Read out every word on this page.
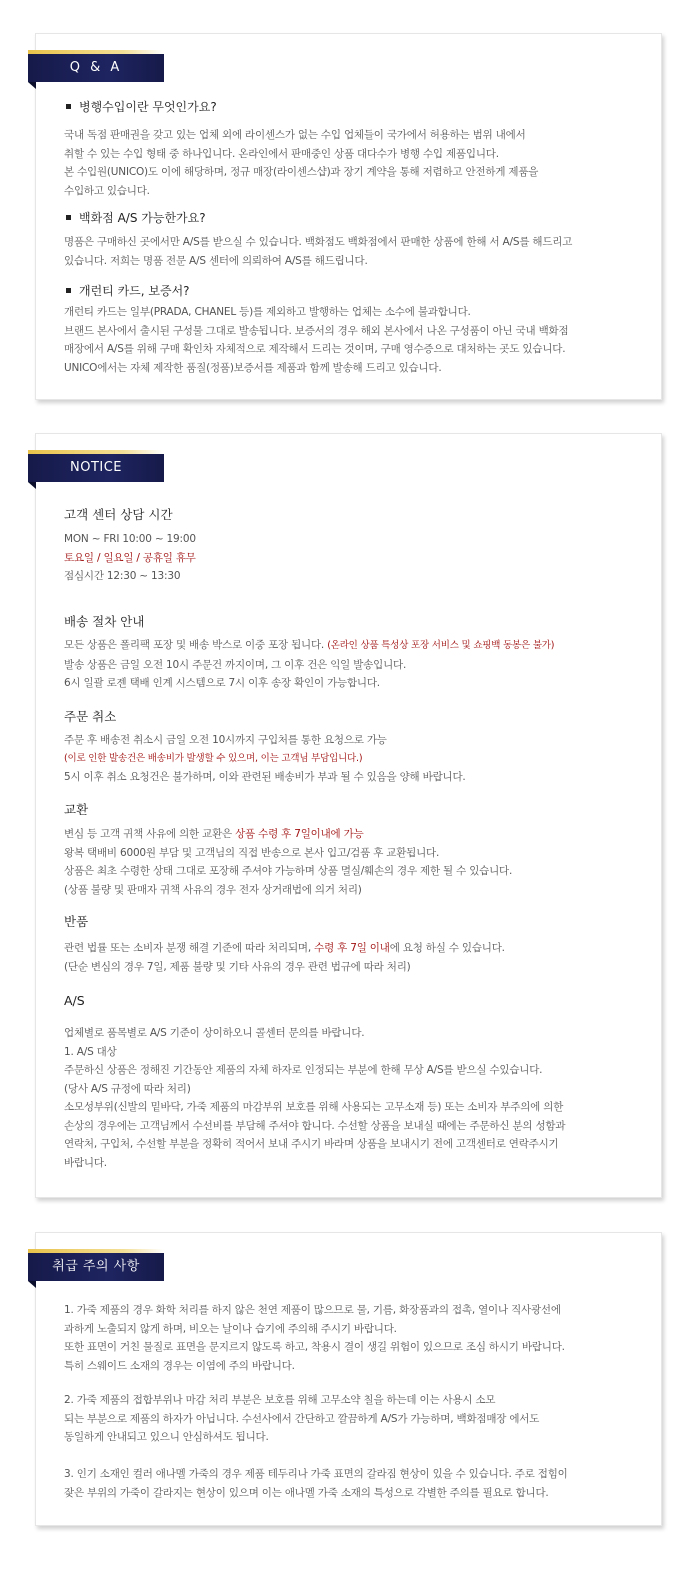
Q & A

병행수입이란 무엇인가요?

국내 독점 판매권을 갖고 있는 업체 외에 라이센스가 없는 수입 업체들이 국가에서 허용하는 범위 내에서
취할 수 있는 수입 형태 중 하나입니다. 온라인에서 판매중인 상품 대다수가 병행 수입 제품입니다.
본 수입원(UNICO)도 이에 해당하며, 정규 매장(라이센스샵)과 장기 계약을 통해 저렴하고 안전하게 제품을
수입하고 있습니다.

백화점 A/S 가능한가요?

명품은 구매하신 곳에서만 A/S를 받으실 수 있습니다. 백화점도 백화점에서 판매한 상품에 한해 서 A/S를 해드리고
있습니다. 저희는 명품 전문 A/S 센터에 의뢰하여 A/S를 해드립니다.

개런티 카드, 보증서?

개런티 카드는 일부(PRADA, CHANEL 등)를 제외하고 발행하는 업체는 소수에 불과합니다.
브랜드 본사에서 출시된 구성물 그대로 발송됩니다. 보증서의 경우 해외 본사에서 나온 구성품이 아닌 국내 백화점
매장에서 A/S를 위해 구매 확인차 자체적으로 제작해서 드리는 것이며, 구매 영수증으로 대처하는 곳도 있습니다.
UNICO에서는 자체 제작한 품질(정품)보증서를 제품과 함께 발송해 드리고 있습니다.
NOTICE

고객 센터 상담 시간

MON ~ FRI 10:00 ~ 19:00
토요일 / 일요일 / 공휴일 휴무
점심시간 12:30 ~ 13:30

배송 절차 안내

모든 상품은 폴리팩 포장 및 배송 박스로 이중 포장 됩니다. (온라인 상품 특성상 포장 서비스 및 쇼핑백 동봉은 불가)
발송 상품은 금일 오전 10시 주문건 까지이며, 그 이후 건은 익일 발송입니다.
6시 일괄 로젠 택배 인계 시스템으로 7시 이후 송장 확인이 가능합니다.

주문 취소

주문 후 배송전 취소시 금일 오전 10시까지 구입처를 통한 요청으로 가능
(이로 인한 발송건은 배송비가 발생할 수 있으며, 이는 고객님 부담입니다.)
5시 이후 취소 요청건은 불가하며, 이와 관련된 배송비가 부과 될 수 있음을 양해 바랍니다.

교환

변심 등 고객 귀책 사유에 의한 교환은 상품 수령 후 7일이내에 가능
왕복 택배비 6000원 부담 및 고객님의 직접 반송으로 본사 입고/검품 후 교환됩니다.
상품은 최초 수령한 상태 그대로 포장해 주셔야 가능하며 상품 멸실/훼손의 경우 제한 될 수 있습니다.
(상품 불량 및 판매자 귀책 사유의 경우 전자 상거래법에 의거 처리)

반품

관련 법률 또는 소비자 분쟁 해결 기준에 따라 처리되며, 수령 후 7일 이내에 요청 하실 수 있습니다.
(단순 변심의 경우 7일, 제품 불량 및 기타 사유의 경우 관련 법규에 따라 처리)

A/S

업체별로 품목별로 A/S 기준이 상이하오니 콜센터 문의를 바랍니다.
1. A/S 대상
주문하신 상품은 정해진 기간동안 제품의 자체 하자로 인정되는 부분에 한해 무상 A/S를 받으실 수있습니다.
(당사 A/S 규정에 따라 처리)
소모성부위(신발의 밑바닥, 가죽 제품의 마감부위 보호를 위해 사용되는 고무소재 등) 또는 소비자 부주의에 의한
손상의 경우에는 고객님께서 수선비를 부담해 주셔야 합니다. 수선할 상품을 보내실 때에는 주문하신 분의 성함과
연락처, 구입처, 수선할 부분을 정확히 적어서 보내 주시기 바라며 상품을 보내시기 전에 고객센터로 연락주시기
바랍니다.
취급 주의 사항
1. 가죽 제품의 경우 화학 처리를 하지 않은 천연 제품이 많으므로 물, 기름, 화장품과의 접촉, 열이나 직사광선에
과하게 노출되지 않게 하며, 비오는 날이나 습기에 주의해 주시기 바랍니다.
또한 표면이 거친 물질로 표면을 문지르지 않도록 하고, 착용시 결이 생길 위험이 있으므로 조심 하시기 바랍니다.
특히 스웨이드 소재의 경우는 이염에 주의 바랍니다.
2. 가죽 제품의 접합부위나 마감 처리 부분은 보호를 위해 고무소약 칠을 하는데 이는 사용시 소모
되는 부분으로 제품의 하자가 아닙니다. 수선사에서 간단하고 깔끔하게 A/S가 가능하며, 백화점매장 에서도
동일하게 안내되고 있으니 안심하셔도 됩니다.
3. 인기 소재인 컬러 애나멜 가죽의 경우 제품 테두리나 가죽 표면의 갈라짐 현상이 있을 수 있습니다. 주로 접힘이
잦은 부위의 가죽이 갈라지는 현상이 있으며 이는 애나멜 가죽 소재의 특성으로 각별한 주의를 필요로 합니다.
